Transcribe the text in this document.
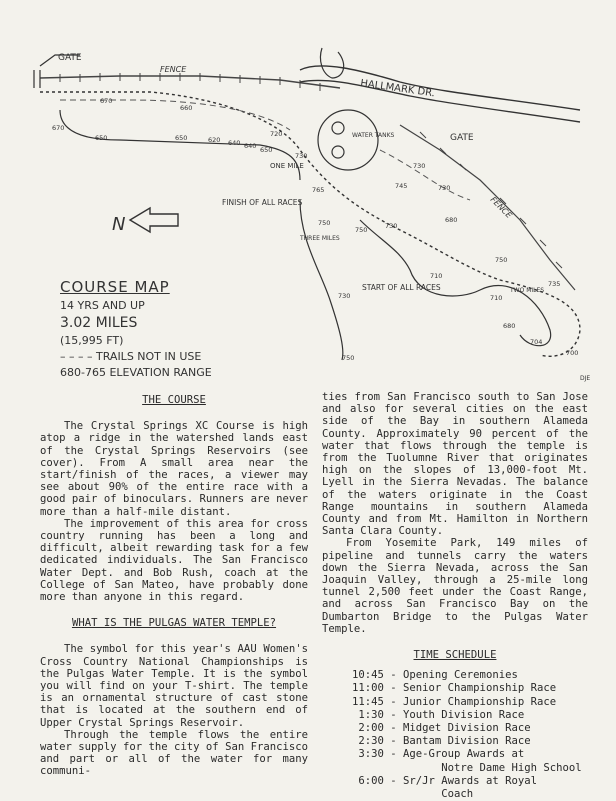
GATE
FENCE
HALLMARK DR.
WATER TANKS	GATE
ONE MILE
FINISH OF ALL RACES
START OF ALL RACES
THREE MILES
TWO MILES
FENCE
N
DJE
670
660
670
650	650	620 640 640 650
720
730
765	745
750
730
730
750
680
730
710
710
735
750
680
704
700
730
750
COURSE MAP
14 YRS AND UP
3.02 MILES
(15,995 FT)
– – – – TRAILS NOT IN USE
680-765 ELEVATION RANGE
THE COURSE

The Crystal Springs XC Course is high atop a ridge in the watershed lands east of the Crystal Springs Reservoirs (see cover). From A small area near the start/finish of the races, a viewer may see about 90% of the entire race with a good pair of binoculars. Runners are never more than a half-mile distant.

The improvement of this area for cross country running has been a long and difficult, albeit rewarding task for a few dedicated individuals. The San Francisco Water Dept. and Bob Rush, coach at the College of San Mateo, have probably done more than anyone in this regard.

WHAT IS THE PULGAS WATER TEMPLE?

The symbol for this year's AAU Women's Cross Country National Championships is the Pulgas Water Temple. It is the symbol you will find on your T-shirt. The temple is an ornamental structure of cast stone that is located at the southern end of Upper Crystal Springs Reservoir.

Through the temple flows the entire water supply for the city of San Francisco and part or all of the water for many communi-

ties from San Francisco south to San Jose and also for several cities on the east side of the Bay in southern Alameda County. Approximately 90 percent of the water that flows through the temple is from the Tuolumne River that originates high on the slopes of 13,000-foot Mt. Lyell in the Sierra Nevadas. The balance of the waters originate in the Coast Range mountains in southern Alameda County and from Mt. Hamilton in Northern Santa Clara County.

From Yosemite Park, 149 miles of pipeline and tunnels carry the waters down the Sierra Nevada, across the San Joaquin Valley, through a 25-mile long tunnel 2,500 feet under the Coast Range, and across San Francisco Bay on the Dumbarton Bridge to the Pulgas Water Temple.

TIME SCHEDULE
10:45 - Opening Ceremonies
11:00 - Senior Championship Race
11:45 - Junior Championship Race
1:30 - Youth Division Race
2:00 - Midget Division Race
2:30 - Bantam Division Race
3:30 - Age-Group Awards at
Notre Dame High School
6:00 - Sr/Jr Awards at Royal
Coach
